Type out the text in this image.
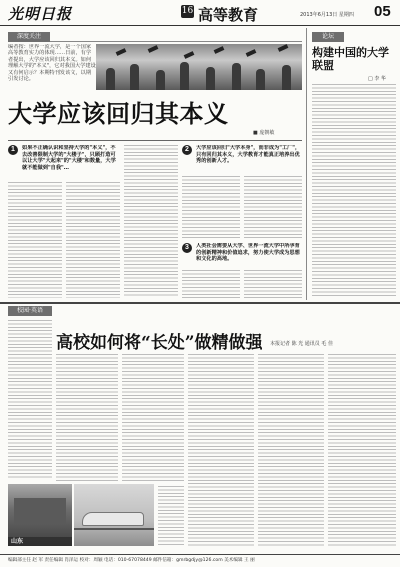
光明日报	16 高等教育	2013年6月13日 星期四 05
深度关注
编者按：世界一流大学，是一个国家高等教育实力的体现……日前，有学者提出，大学应该回归其本义。如何理解大学的"本义"，它对我国大学建设又有何启示？本期特刊发该文，以期引发讨论。
大学应该回归其本义
■ 庞朝敏
1	如果不正确认识和坚持大学的"本义"，不去改善限制大学的"大楼子"，只顾打造可以让大学"大起来"的"大楼"和数量，大学就不能做到"自我"…
2	大学应该回归"大学本身"，而非成为"工厂"，只有回归其本义，大学教育才能真正培养出优秀的创新人才。
3	人类社会需要从大学、世界一流大学中所孕育的创新精神和价值追求，努力使大学成为思想和文化的高地。
论坛
构建中国的大学联盟
□ 李 华
校园·英语
高校如何将“长处”做精做强 本报记者 陈 光 通讯员 毛 佳
山东
编辑部主任 赵 军 责任编辑 肖泽运 校对：周颖 电话：010-67078449 邮件信箱：gmrbgdjy@126.com 美术编辑 王 丽
